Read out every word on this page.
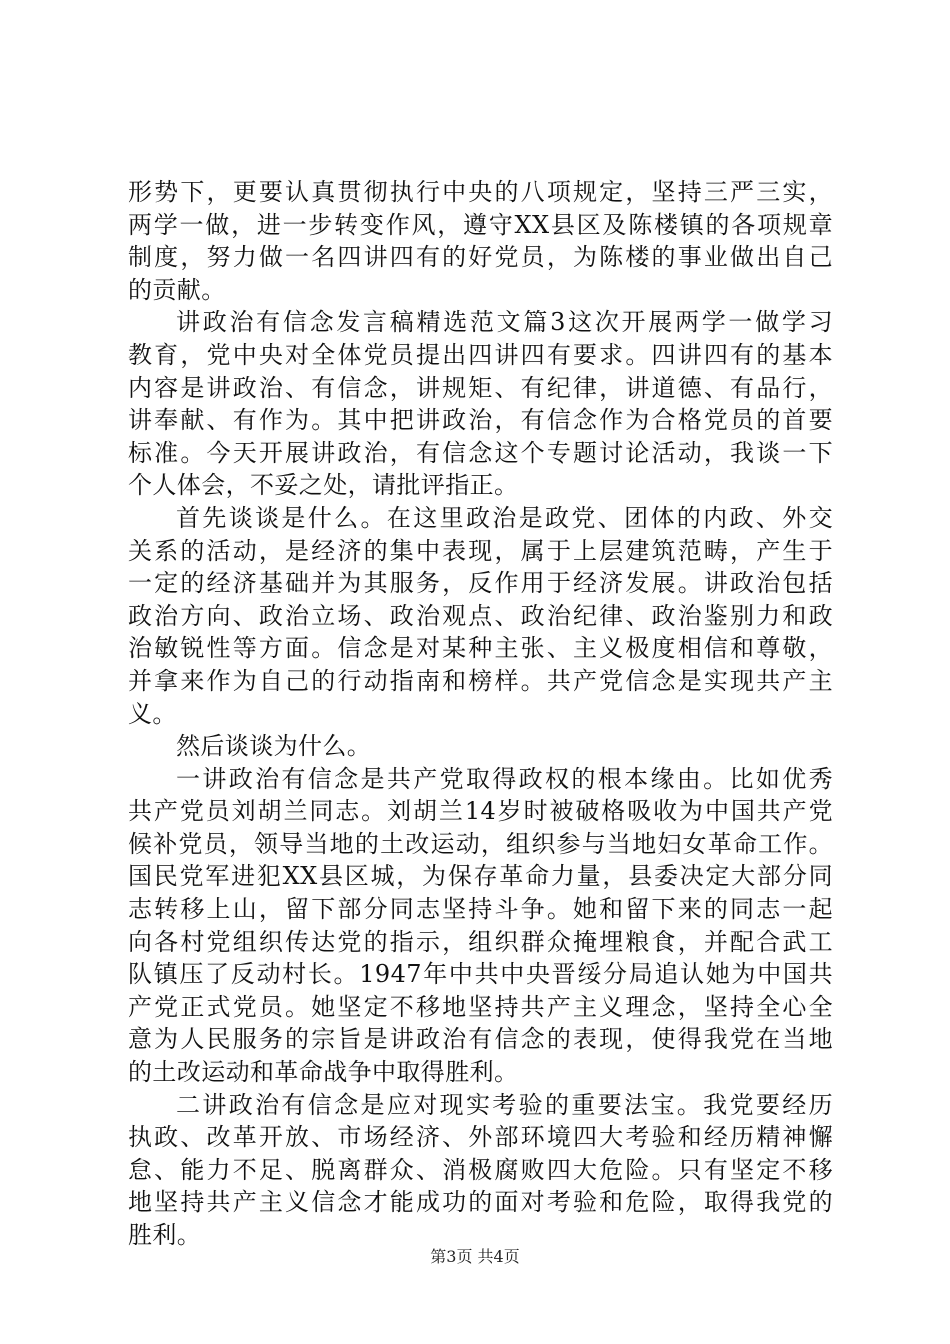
形势下，更要认真贯彻执行中央的八项规定，坚持三严三实，
两学一做，进一步转变作风，遵守XX县区及陈楼镇的各项规章
制度，努力做一名四讲四有的好党员，为陈楼的事业做出自己
的贡献。
讲政治有信念发言稿精选范文篇3这次开展两学一做学习
教育，党中央对全体党员提出四讲四有要求。四讲四有的基本
内容是讲政治、有信念，讲规矩、有纪律，讲道德、有品行，
讲奉献、有作为。其中把讲政治，有信念作为合格党员的首要
标准。今天开展讲政治，有信念这个专题讨论活动，我谈一下
个人体会，不妥之处，请批评指正。
首先谈谈是什么。在这里政治是政党、团体的内政、外交
关系的活动，是经济的集中表现，属于上层建筑范畴，产生于
一定的经济基础并为其服务，反作用于经济发展。讲政治包括
政治方向、政治立场、政治观点、政治纪律、政治鉴别力和政
治敏锐性等方面。信念是对某种主张、主义极度相信和尊敬，
并拿来作为自己的行动指南和榜样。共产党信念是实现共产主
义。
然后谈谈为什么。
一讲政治有信念是共产党取得政权的根本缘由。比如优秀
共产党员刘胡兰同志。刘胡兰14岁时被破格吸收为中国共产党
候补党员，领导当地的土改运动，组织参与当地妇女革命工作。
国民党军进犯XX县区城，为保存革命力量，县委决定大部分同
志转移上山，留下部分同志坚持斗争。她和留下来的同志一起
向各村党组织传达党的指示，组织群众掩埋粮食，并配合武工
队镇压了反动村长。1947年中共中央晋绥分局追认她为中国共
产党正式党员。她坚定不移地坚持共产主义理念，坚持全心全
意为人民服务的宗旨是讲政治有信念的表现，使得我党在当地
的土改运动和革命战争中取得胜利。
二讲政治有信念是应对现实考验的重要法宝。我党要经历
执政、改革开放、市场经济、外部环境四大考验和经历精神懈
怠、能力不足、脱离群众、消极腐败四大危险。只有坚定不移
地坚持共产主义信念才能成功的面对考验和危险，取得我党的
胜利。
第3页 共4页
